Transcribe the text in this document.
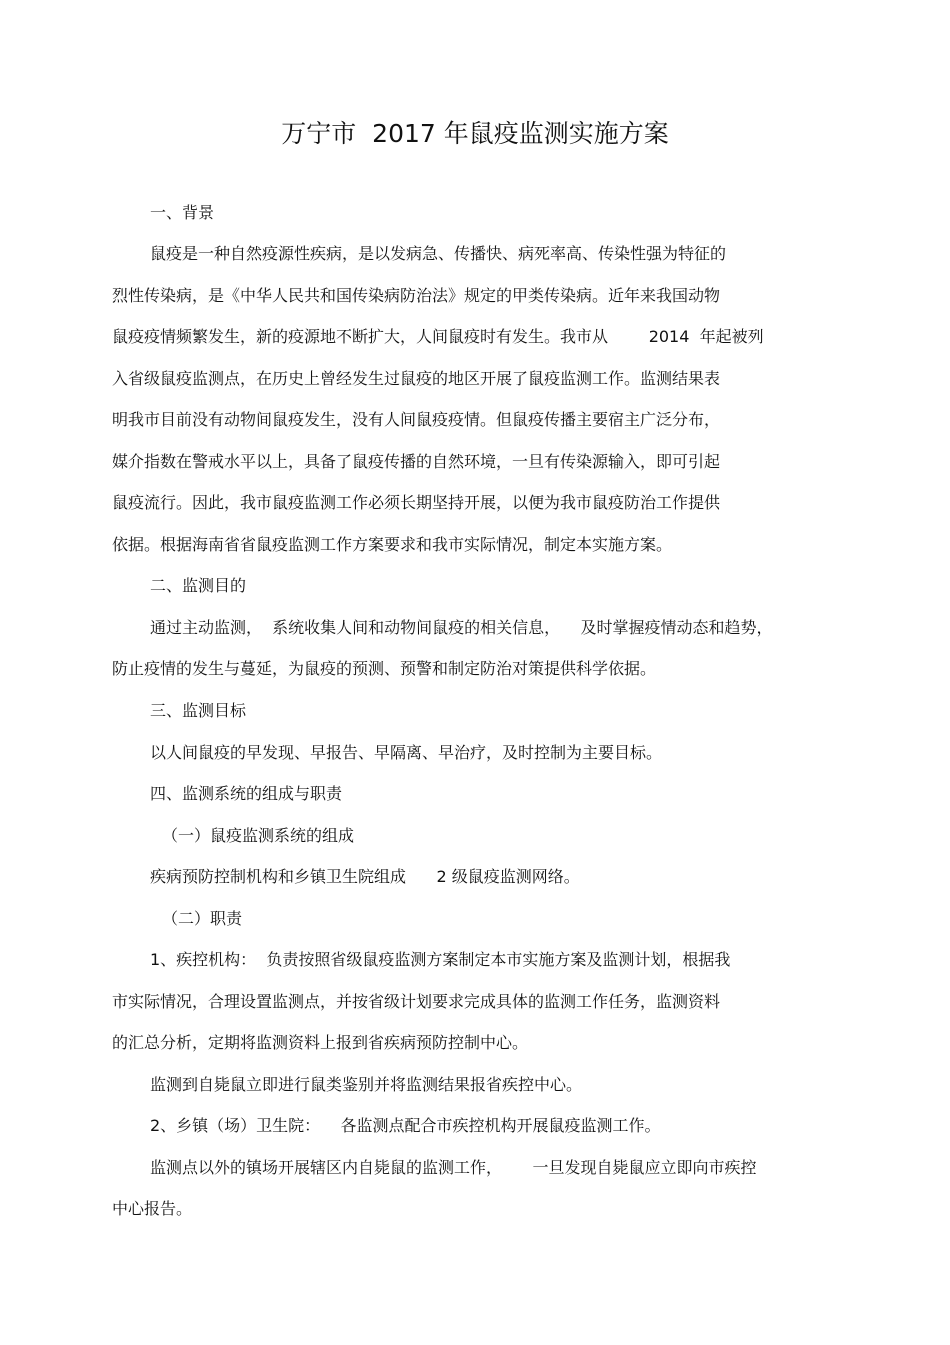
万宁市  2017 年鼠疫监测实施方案
一、背景
鼠疫是一种自然疫源性疾病，是以发病急、传播快、病死率高、传染性强为特征的
烈性传染病，是《中华人民共和国传染病防治法》规定的甲类传染病。近年来我国动物
鼠疫疫情频繁发生，新的疫源地不断扩大，人间鼠疫时有发生。我市从        2014  年起被列
入省级鼠疫监测点，在历史上曾经发生过鼠疫的地区开展了鼠疫监测工作。监测结果表
明我市目前没有动物间鼠疫发生，没有人间鼠疫疫情。但鼠疫传播主要宿主广泛分布，
媒介指数在警戒水平以上，具备了鼠疫传播的自然环境，一旦有传染源输入，即可引起
鼠疫流行。因此，我市鼠疫监测工作必须长期坚持开展，以便为我市鼠疫防治工作提供
依据。根据海南省省鼠疫监测工作方案要求和我市实际情况，制定本实施方案。
二、监测目的
通过主动监测，  系统收集人间和动物间鼠疫的相关信息，    及时掌握疫情动态和趋势，
防止疫情的发生与蔓延，为鼠疫的预测、预警和制定防治对策提供科学依据。
三、监测目标
以人间鼠疫的早发现、早报告、早隔离、早治疗，及时控制为主要目标。
四、监测系统的组成与职责
（一）鼠疫监测系统的组成
疾病预防控制机构和乡镇卫生院组成      2 级鼠疫监测网络。
（二）职责
1、疾控机构：  负责按照省级鼠疫监测方案制定本市实施方案及监测计划，根据我
市实际情况，合理设置监测点，并按省级计划要求完成具体的监测工作任务，监测资料
的汇总分析，定期将监测资料上报到省疾病预防控制中心。
监测到自毙鼠立即进行鼠类鉴别并将监测结果报省疾控中心。
2、乡镇（场）卫生院：    各监测点配合市疾控机构开展鼠疫监测工作。
监测点以外的镇场开展辖区内自毙鼠的监测工作，      一旦发现自毙鼠应立即向市疾控
中心报告。
